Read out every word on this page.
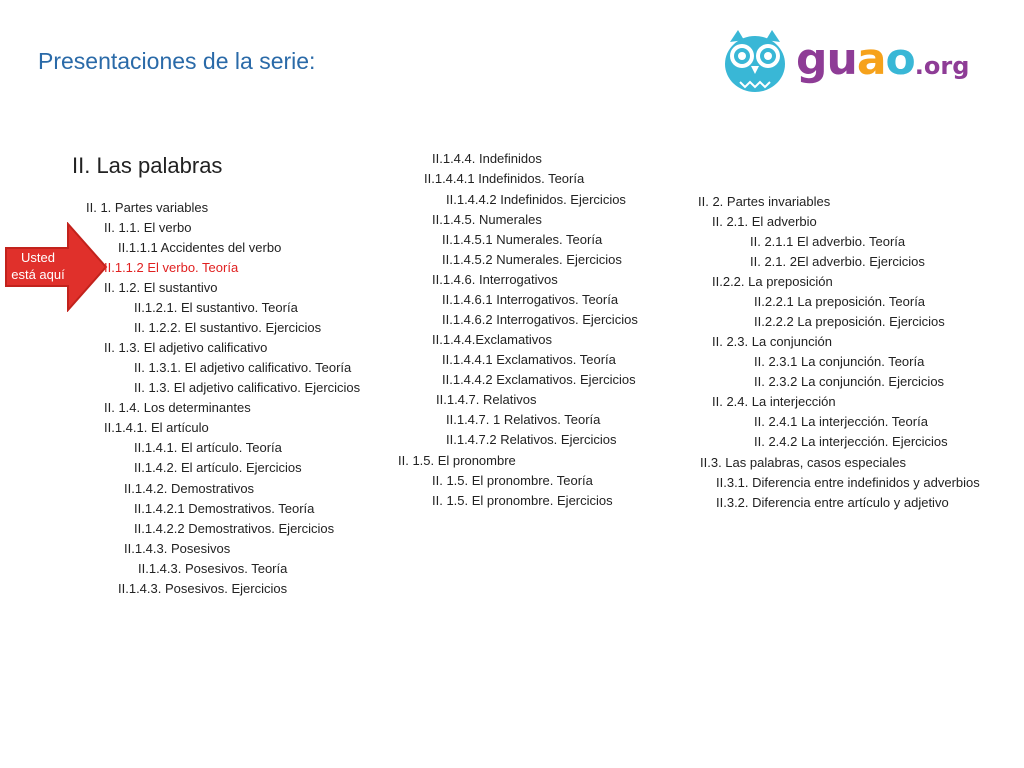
Presentaciones de la serie:	guao.org
II. Las palabras
Usted
está aquí
II. 1. Partes variables
II. 1.1. El verbo
II.1.1.1 Accidentes del verbo
II.1.1.2 El verbo. Teoría
II. 1.2. El sustantivo
II.1.2.1. El sustantivo. Teoría
II. 1.2.2. El sustantivo. Ejercicios
II. 1.3. El adjetivo calificativo
II. 1.3.1. El adjetivo calificativo. Teoría
II. 1.3. El adjetivo calificativo. Ejercicios
II. 1.4. Los determinantes
II.1.4.1. El artículo
II.1.4.1. El artículo. Teoría
II.1.4.2. El artículo. Ejercicios
II.1.4.2. Demostrativos
II.1.4.2.1 Demostrativos. Teoría
II.1.4.2.2 Demostrativos. Ejercicios
II.1.4.3. Posesivos
II.1.4.3. Posesivos. Teoría
II.1.4.3. Posesivos. Ejercicios
II.1.4.4. Indefinidos
II.1.4.4.1 Indefinidos. Teoría
II.1.4.4.2 Indefinidos. Ejercicios
II.1.4.5. Numerales
II.1.4.5.1 Numerales. Teoría
II.1.4.5.2 Numerales. Ejercicios
II.1.4.6. Interrogativos
II.1.4.6.1 Interrogativos. Teoría
II.1.4.6.2 Interrogativos. Ejercicios
II.1.4.4.Exclamativos
II.1.4.4.1 Exclamativos. Teoría
II.1.4.4.2 Exclamativos. Ejercicios
II.1.4.7. Relativos
II.1.4.7. 1 Relativos. Teoría
II.1.4.7.2 Relativos. Ejercicios
II. 1.5. El pronombre
II. 1.5. El pronombre. Teoría
II. 1.5. El pronombre. Ejercicios
II. 2. Partes invariables
II. 2.1. El adverbio
II. 2.1.1 El adverbio. Teoría
II. 2.1. 2El adverbio. Ejercicios
II.2.2. La preposición
II.2.2.1 La preposición. Teoría
II.2.2.2 La preposición. Ejercicios
II. 2.3. La conjunción
II. 2.3.1 La conjunción. Teoría
II. 2.3.2 La conjunción. Ejercicios
II. 2.4. La interjección
II. 2.4.1 La interjección. Teoría
II. 2.4.2 La interjección. Ejercicios
II.3. Las palabras, casos especiales
II.3.1. Diferencia entre indefinidos y adverbios
II.3.2. Diferencia entre artículo y adjetivo
